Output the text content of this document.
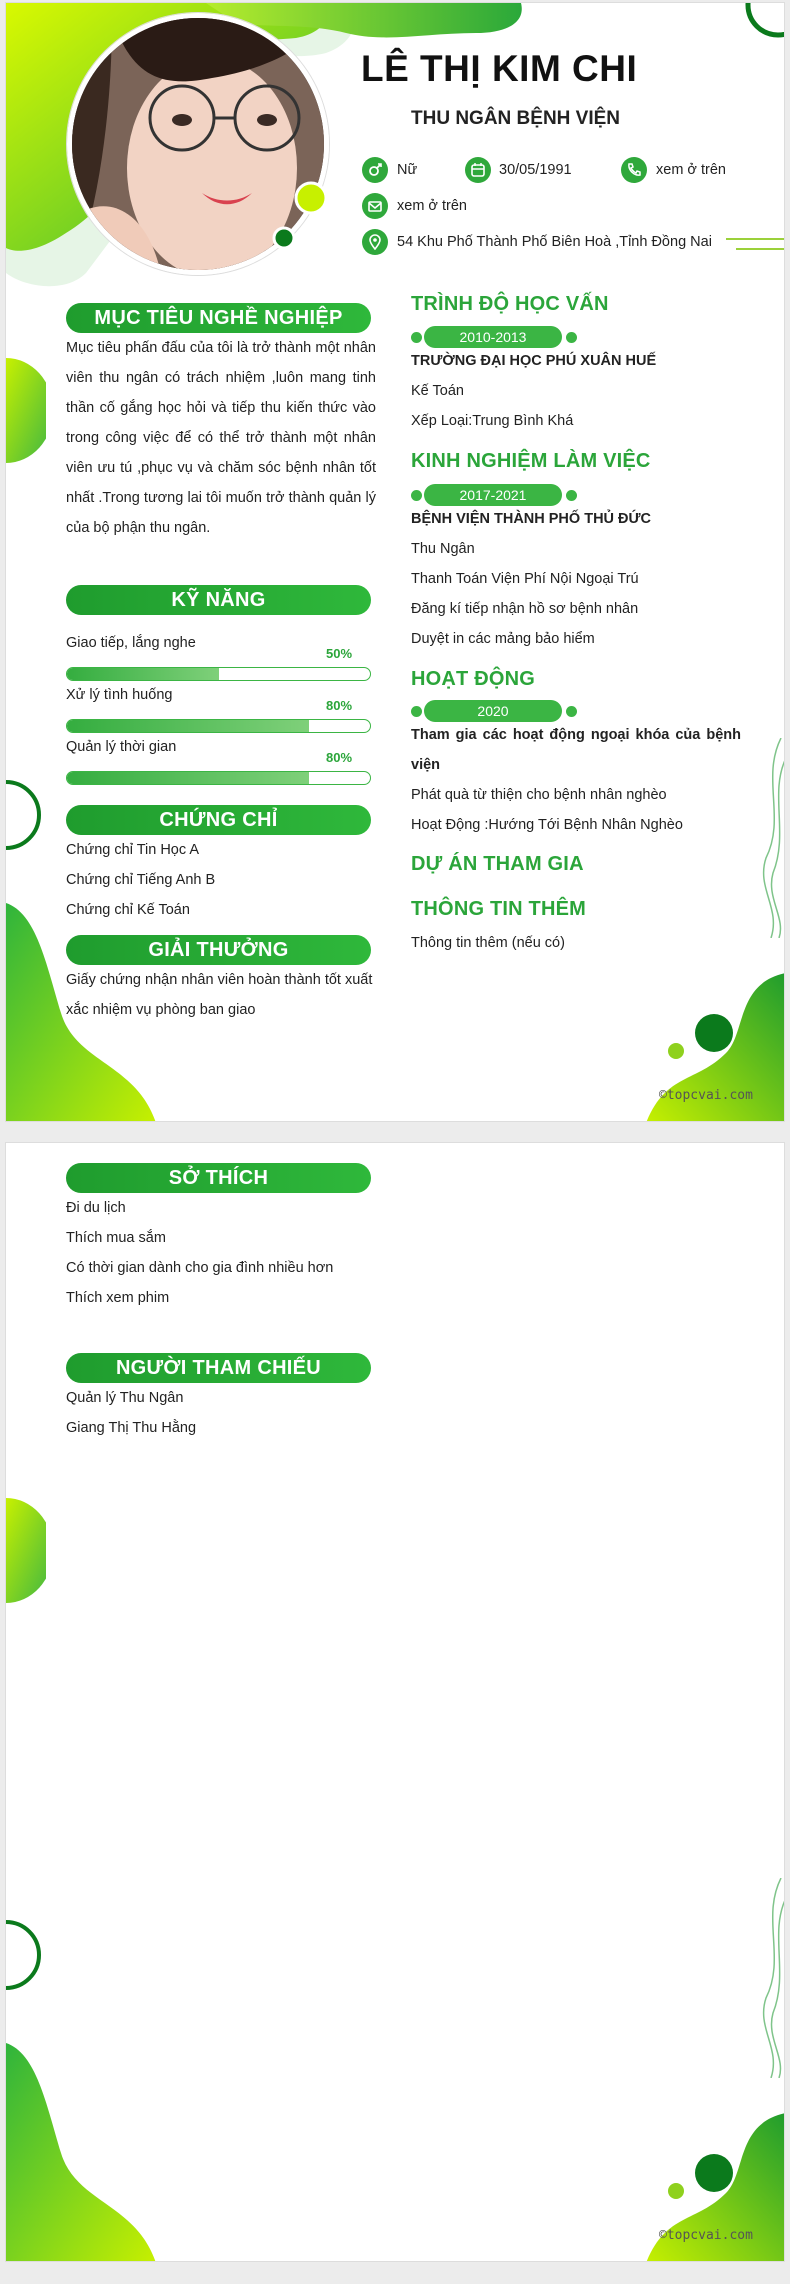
LÊ THỊ KIM CHI
THU NGÂN BỆNH VIỆN
Nữ	30/05/1991	xem ở trên
xem ở trên
54 Khu Phố Thành Phố Biên Hoà ,Tỉnh Đồng Nai
MỤC TIÊU NGHỀ NGHIỆP
Mục tiêu phấn đấu của tôi là trở thành một nhân viên thu ngân có trách nhiệm ,luôn mang tinh thần cố gắng học hỏi và tiếp thu kiến thức vào trong công việc để có thể trở thành một nhân viên ưu tú ,phục vụ và chăm sóc bệnh nhân tốt nhất .Trong tương lai tôi muốn trở thành quản lý của bộ phận thu ngân.
KỸ NĂNG
Giao tiếp, lắng nghe
50%
Xử lý tình huống
80%
Quản lý thời gian
80%
CHỨNG CHỈ
Chứng chỉ Tin Học A
Chứng chỉ Tiếng Anh B
Chứng chỉ Kế Toán
GIẢI THƯỞNG
Giấy chứng nhận nhân viên hoàn thành tốt xuất xắc nhiệm vụ phòng ban giao
TRÌNH ĐỘ HỌC VẤN
2010-2013
TRƯỜNG ĐẠI HỌC PHÚ XUÂN HUẾ
Kế Toán
Xếp Loại:Trung Bình Khá
KINH NGHIỆM LÀM VIỆC
2017-2021
BỆNH VIỆN THÀNH PHỐ THỦ ĐỨC
Thu Ngân
Thanh Toán Viện Phí Nội Ngoại Trú
Đăng kí tiếp nhận hồ sơ bệnh nhân
Duyệt in các mảng bảo hiểm
HOẠT ĐỘNG
2020
Tham gia các hoạt động ngoại khóa của bệnh viện
Phát quà từ thiện cho bệnh nhân nghèo
Hoạt Động :Hướng Tới Bệnh Nhân Nghèo
DỰ ÁN THAM GIA
THÔNG TIN THÊM
Thông tin thêm (nếu có)
©topcvai.com
SỞ THÍCH
Đi du lịch
Thích mua sắm
Có thời gian dành cho gia đình nhiều hơn
Thích xem phim
NGƯỜI THAM CHIẾU
Quản lý Thu Ngân
Giang Thị Thu Hằng
©topcvai.com
